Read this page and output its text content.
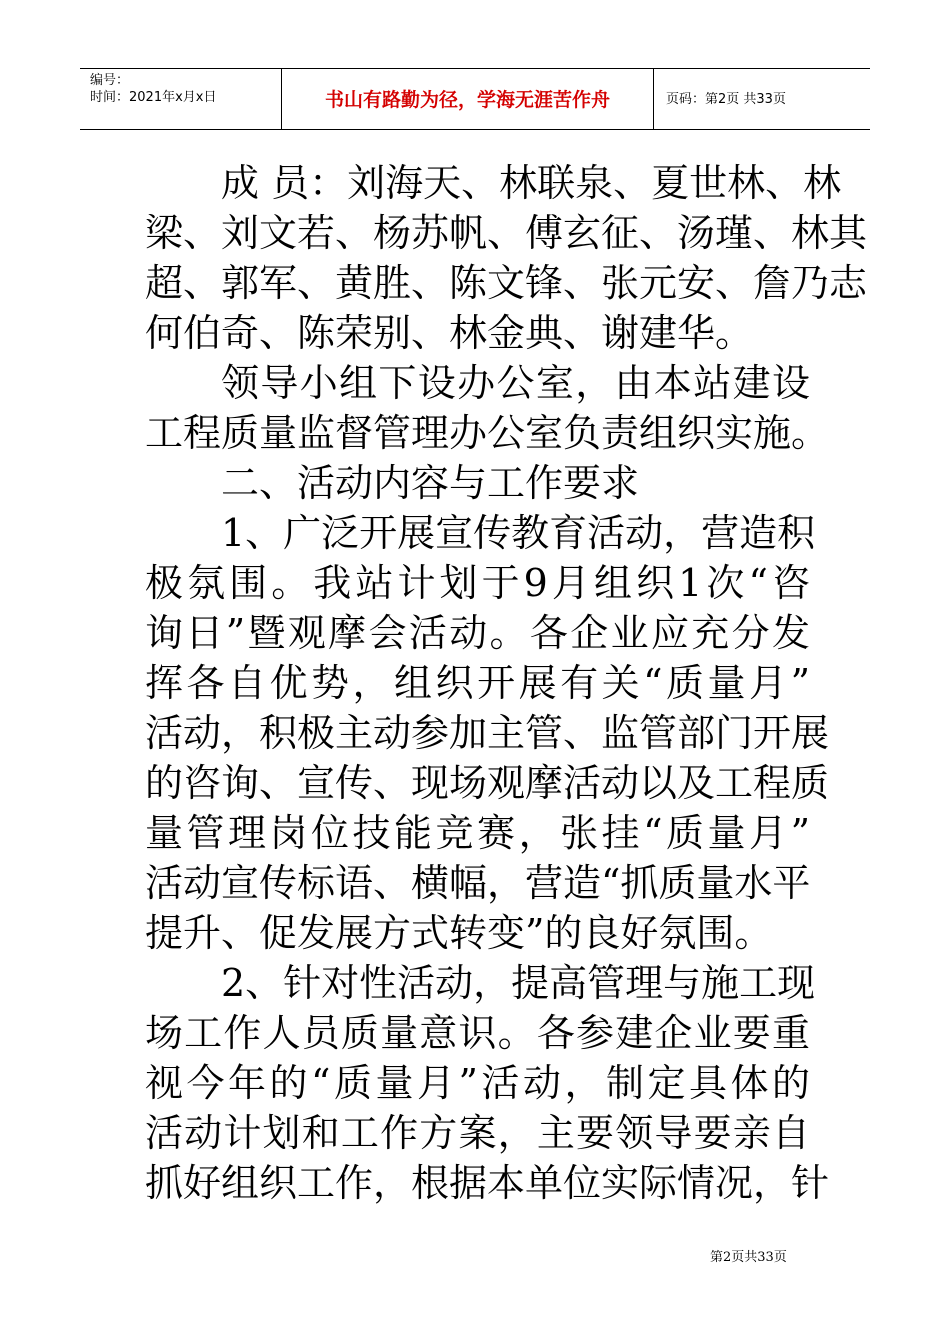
编号：
时间：2021年x月x日	书山有路勤为径，学海无涯苦作舟	页码：第2页 共33页
成 员：刘海天、林联泉、夏世林、林
梁、刘文若、杨苏帆、傅玄征、汤瑾、林其
超、郭军、黄胜、陈文锋、张元安、詹乃志
何伯奇、陈荣别、林金典、谢建华。
领导小组下设办公室，由本站建设
工程质量监督管理办公室负责组织实施。
二、活动内容与工作要求
1、广泛开展宣传教育活动，营造积
极氛围。我站计划于9月组织1次“咨
询日”暨观摩会活动。各企业应充分发
挥各自优势，组织开展有关“质量月”
活动，积极主动参加主管、监管部门开展
的咨询、宣传、现场观摩活动以及工程质
量管理岗位技能竞赛，张挂“质量月”
活动宣传标语、横幅，营造“抓质量水平
提升、促发展方式转变”的良好氛围。
2、针对性活动，提高管理与施工现
场工作人员质量意识。各参建企业要重
视今年的“质量月”活动，制定具体的
活动计划和工作方案，主要领导要亲自
抓好组织工作，根据本单位实际情况，针
第2页共33页
